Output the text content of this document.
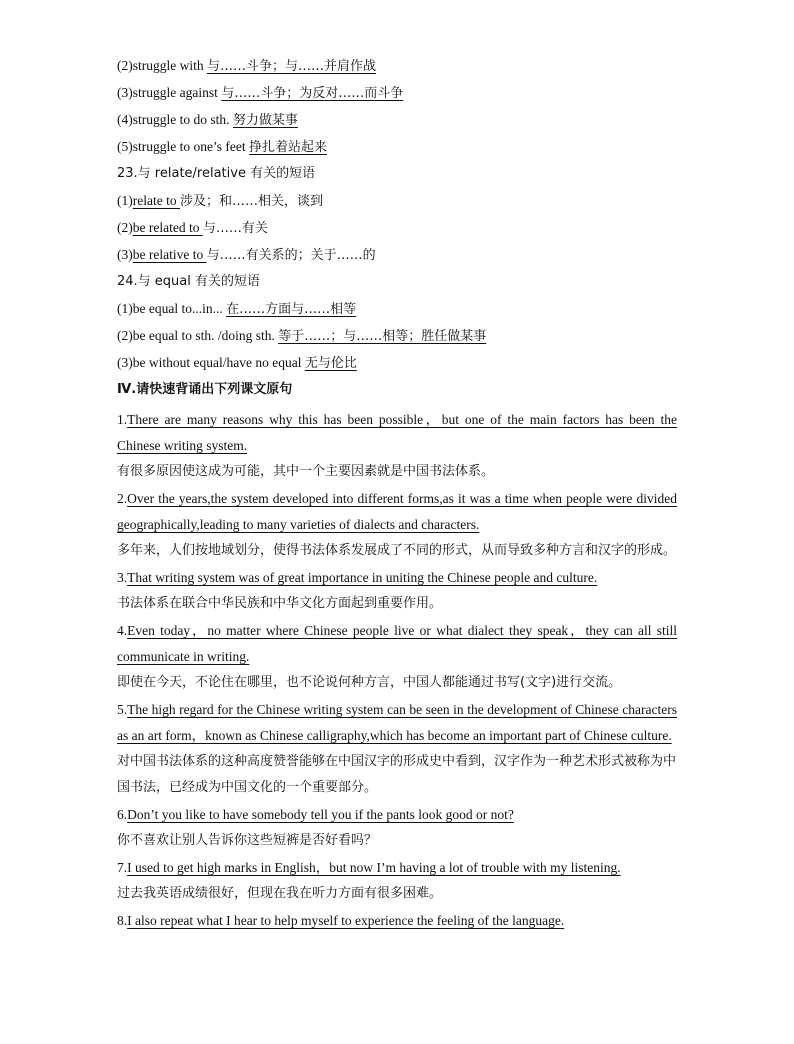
(2)struggle with 与……斗争；与……并肩作战
(3)struggle against 与……斗争；为反对……而斗争
(4)struggle to do sth. 努力做某事
(5)struggle to one’s feet 挣扎着站起来
23.与 relate/relative 有关的短语
(1)relate to 涉及；和……相关，谈到
(2)be related to 与……有关
(3)be relative to 与……有关系的；关于……的
24.与 equal 有关的短语
(1)be equal to...in... 在……方面与……相等
(2)be equal to sth. /doing sth. 等于……；与……相等；胜任做某事
(3)be without equal/have no equal 无与伦比
Ⅳ.请快速背诵出下列课文原句
1.There are many reasons why this has been possible，but one of the main factors has been the Chinese writing system.
有很多原因使这成为可能，其中一个主要因素就是中国书法体系。
2.Over the years,the system developed into different forms,as it was a time when people were divided geographically,leading to many varieties of dialects and characters.
多年来，人们按地域划分，使得书法体系发展成了不同的形式，从而导致多种方言和汉字的形成。
3.That writing system was of great importance in uniting the Chinese people and culture.
书法体系在联合中华民族和中华文化方面起到重要作用。
4.Even today，no matter where Chinese people live or what dialect they speak，they can all still communicate in writing.
即使在今天，不论住在哪里，也不论说何种方言，中国人都能通过书写(文字)进行交流。
5.The high regard for the Chinese writing system can be seen in the development of Chinese characters as an art form，known as Chinese calligraphy,which has become an important part of Chinese culture.
对中国书法体系的这种高度赞誉能够在中国汉字的形成史中看到，汉字作为一种艺术形式被称为中国书法，已经成为中国文化的一个重要部分。
6.Don’t you like to have somebody tell you if the pants look good or not?
你不喜欢让别人告诉你这些短裤是否好看吗？
7.I used to get high marks in English，but now I’m having a lot of trouble with my listening.
过去我英语成绩很好，但现在我在听力方面有很多困难。
8.I also repeat what I hear to help myself to experience the feeling of the language.
